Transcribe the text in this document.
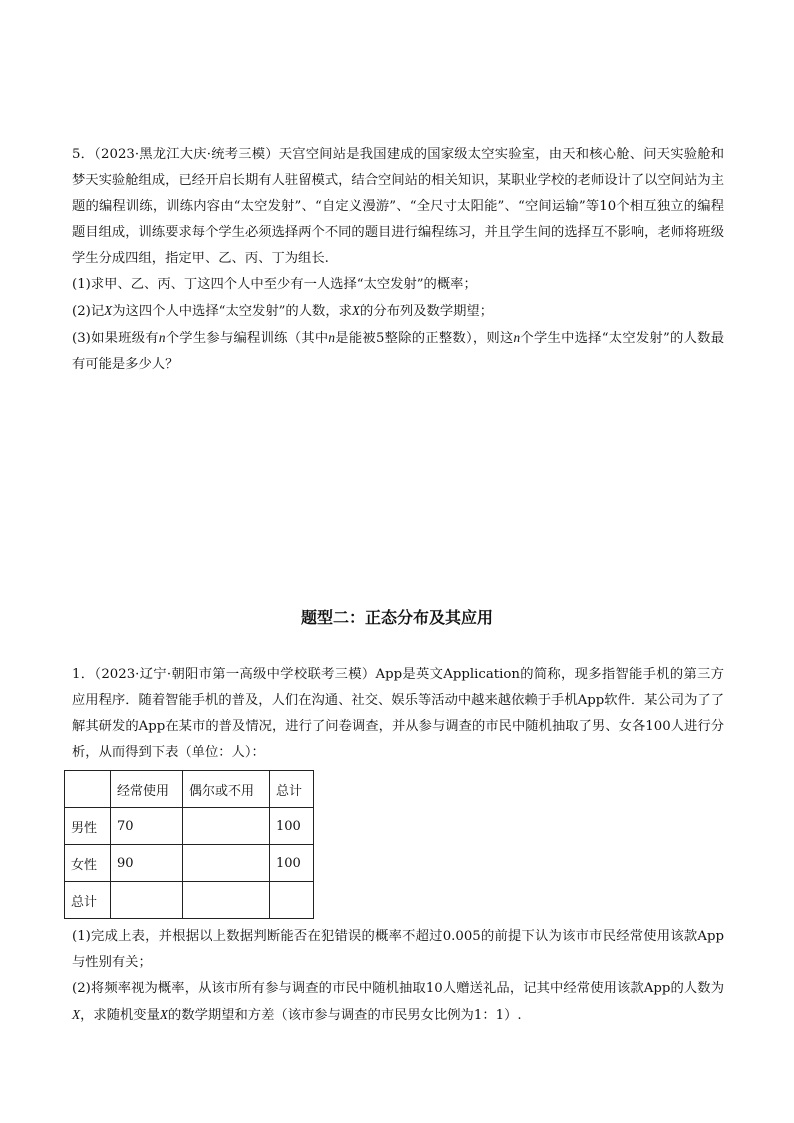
5．（2023·黑龙江大庆·统考三模）天宫空间站是我国建成的国家级太空实验室，由天和核心舱、问天实验舱和梦天实验舱组成，已经开启长期有人驻留模式，结合空间站的相关知识，某职业学校的老师设计了以空间站为主题的编程训练，训练内容由“太空发射”、“自定义漫游”、“全尺寸太阳能”、“空间运输”等10个相互独立的编程题目组成，训练要求每个学生必须选择两个不同的题目进行编程练习，并且学生间的选择互不影响，老师将班级学生分成四组，指定甲、乙、丙、丁为组长.

(1)求甲、乙、丙、丁这四个人中至少有一人选择“太空发射”的概率；

(2)记X为这四个人中选择“太空发射”的人数，求X的分布列及数学期望；

(3)如果班级有n个学生参与编程训练（其中n是能被5整除的正整数），则这n个学生中选择“太空发射”的人数最有可能是多少人？

题型二：正态分布及其应用

1．（2023·辽宁·朝阳市第一高级中学校联考三模）App是英文Application的简称，现多指智能手机的第三方应用程序．随着智能手机的普及，人们在沟通、社交、娱乐等活动中越来越依赖于手机App软件．某公司为了了解其研发的App在某市的普及情况，进行了问卷调查，并从参与调查的市民中随机抽取了男、女各100人进行分析，从而得到下表（单位：人）：

	经常使用	偶尔或不用	总计
男性	70		100
女性	90		100
总计			

(1)完成上表，并根据以上数据判断能否在犯错误的概率不超过0.005的前提下认为该市市民经常使用该款App与性别有关；

(2)将频率视为概率，从该市所有参与调查的市民中随机抽取10人赠送礼品，记其中经常使用该款App的人数为X，求随机变量X的数学期望和方差（该市参与调查的市民男女比例为1：1）.
